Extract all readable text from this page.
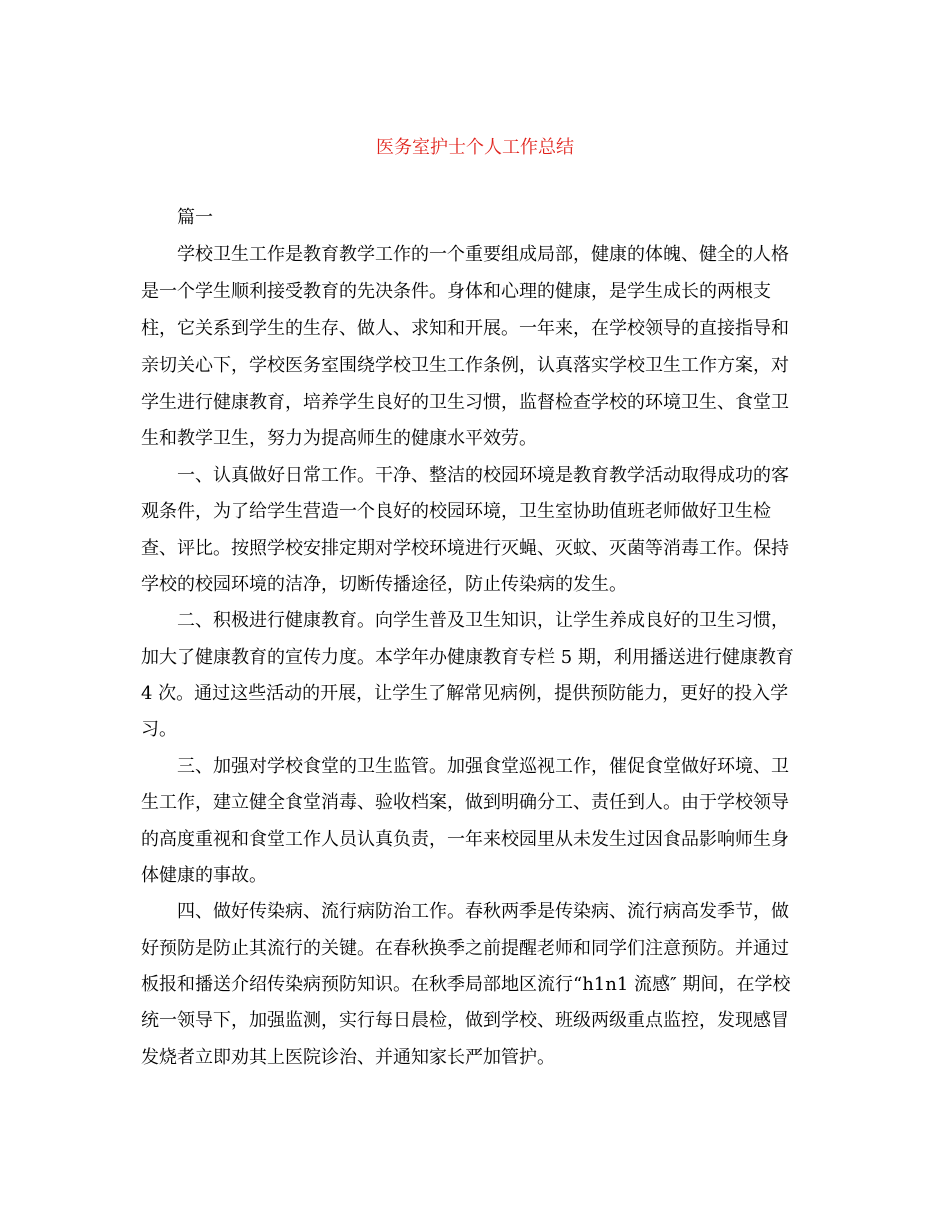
医务室护士个人工作总结
篇一
学校卫生工作是教育教学工作的一个重要组成局部，健康的体魄、健全的人格
是一个学生顺利接受教育的先决条件。身体和心理的健康，是学生成长的两根支
柱，它关系到学生的生存、做人、求知和开展。一年来，在学校领导的直接指导和
亲切关心下，学校医务室围绕学校卫生工作条例，认真落实学校卫生工作方案，对
学生进行健康教育，培养学生良好的卫生习惯，监督检查学校的环境卫生、食堂卫
生和教学卫生，努力为提高师生的健康水平效劳。
一、认真做好日常工作。干净、整洁的校园环境是教育教学活动取得成功的客
观条件，为了给学生营造一个良好的校园环境，卫生室协助值班老师做好卫生检
查、评比。按照学校安排定期对学校环境进行灭蝇、灭蚊、灭菌等消毒工作。保持
学校的校园环境的洁净，切断传播途径，防止传染病的发生。
二、积极进行健康教育。向学生普及卫生知识，让学生养成良好的卫生习惯，
加大了健康教育的宣传力度。本学年办健康教育专栏 5 期，利用播送进行健康教育
4 次。通过这些活动的开展，让学生了解常见病例，提供预防能力，更好的投入学
习。
三、加强对学校食堂的卫生监管。加强食堂巡视工作，催促食堂做好环境、卫
生工作，建立健全食堂消毒、验收档案，做到明确分工、责任到人。由于学校领导
的高度重视和食堂工作人员认真负责，一年来校园里从未发生过因食品影响师生身
体健康的事故。
四、做好传染病、流行病防治工作。春秋两季是传染病、流行病高发季节，做
好预防是防止其流行的关键。在春秋换季之前提醒老师和同学们注意预防。并通过
板报和播送介绍传染病预防知识。在秋季局部地区流行“h1n1 流感″ 期间，在学校
统一领导下，加强监测，实行每日晨检，做到学校、班级两级重点监控，发现感冒
发烧者立即劝其上医院诊治、并通知家长严加管护。
